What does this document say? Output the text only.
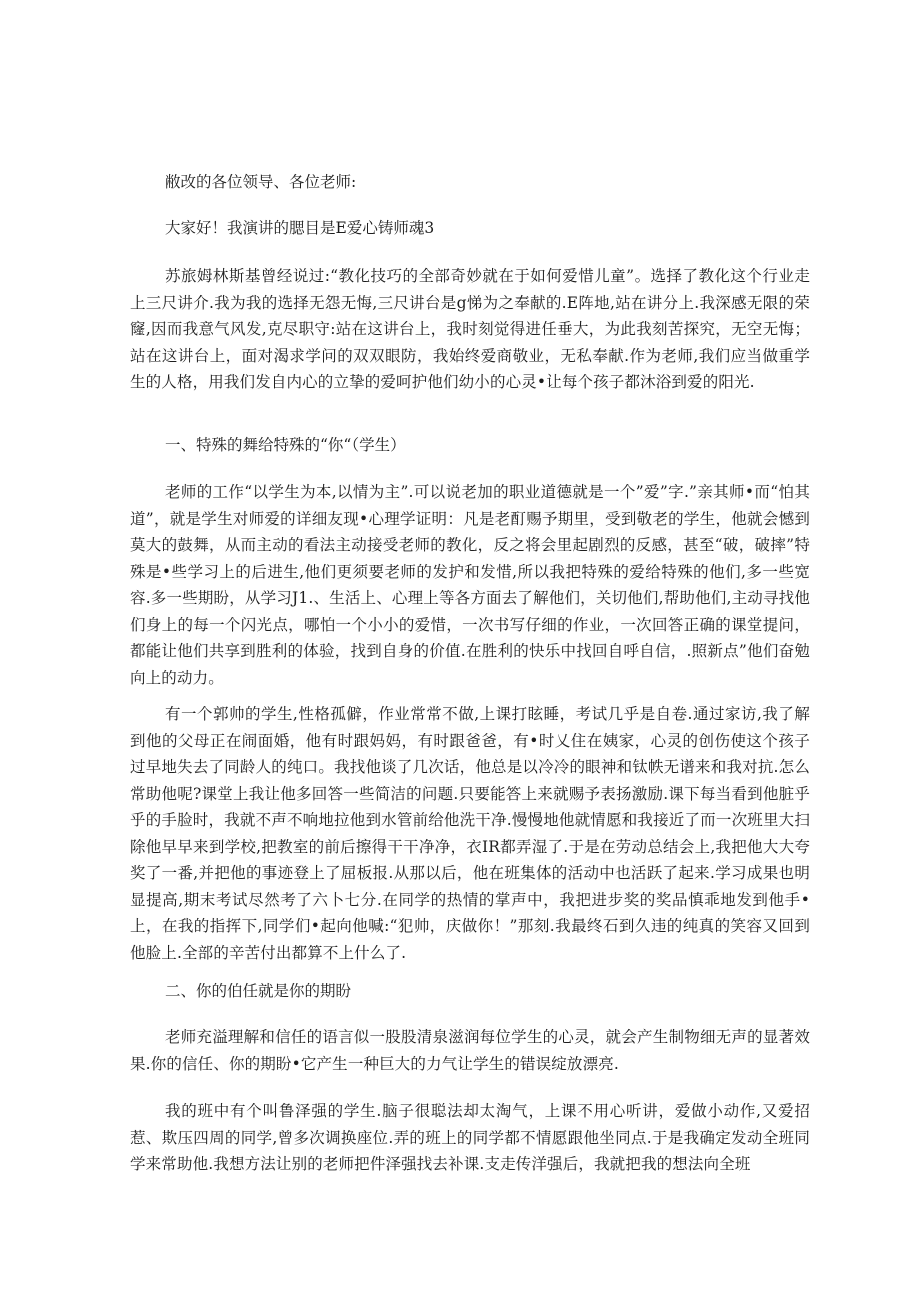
敝改的各位领导、各位老师:

大家好！我演讲的腮目是E爱心铸师魂3

苏旅姆林斯基曾经说过:“教化技巧的全部奇妙就在于如何爱惜儿童”。选择了教化这个行业走上三尺讲介.我为我的选择无怨无悔,三尺讲台是g悌为之奉献的.E阵地,站在讲分上.我深感无限的荣窿,因而我意气风发,克尽职守:站在这讲台上，我时刻觉得进任垂大，为此我刻苦探究，无空无悔；站在这讲台上，面对渴求学问的双双眼防，我始终爱商敬业，无私奉献.作为老师,我们应当做重学生的人格，用我们发自内心的立挚的爱呵护他们幼小的心灵•让每个孩子都沐浴到爱的阳光.

一、特殊的舞给特殊的“你“（学生）

老师的工作“以学生为本,以情为主”.可以说老加的职业道德就是一个”爱”字.”亲其师•而“怕其道”，就是学生对师爱的详细友现•心理学证明：凡是老酊赐予期里，受到敬老的学生，他就会憾到莫大的鼓舞，从而主动的看法主动接受老师的教化，反之将会里起剧烈的反感，甚至“破，破摔”特殊是•些学习上的后进生,他们更须要老师的发护和发惜,所以我把特殊的爱给特殊的他们,多一些宽容.多一些期盼，从学习J1.、生活上、心理上等各方面去了解他们，关切他们,帮助他们,主动寻找他们身上的每一个闪光点，哪怕一个小小的爱惜，一次书写仔细的作业，一次回答正确的课堂提问，都能让他们共享到胜利的体验，找到自身的价值.在胜利的快乐中找回自呼自信，.照新点”他们奋勉向上的动力。

有一个郭帅的学生,性格孤僻，作业常常不做,上课打眩睡，考试几乎是自卷.通过家访,我了解到他的父母正在闹面婚，他有时跟妈妈，有时跟爸爸，有•时乂住在姨家，心灵的创伤使这个孩子过早地失去了同龄人的纯口。我找他谈了几次话，他总是以冷冷的眼神和钛帙无谱来和我对抗.怎么常助他呢?课堂上我让他多回答一些简洁的问题.只要能答上来就赐予表扬激励.课下每当看到他脏乎乎的手脸时，我就不声不响地拉他到水管前给他洗干净.慢慢地他就情愿和我接近了而一次班里大扫除他早早来到学校,把教室的前后擦得干干净净，衣IR都弄湿了.于是在劳动总结会上,我把他大大夸奖了一番,并把他的事迹登上了屈板报.从那以后，他在班集体的活动中也活跃了起来.学习成果也明显提高,期末考试尽然考了六卜七分.在同学的热情的掌声中，我把进步奖的奖品慎乖地发到他手•上，在我的指挥下,同学们•起向他喊:“犯帅，庆做你！”那刻.我最终石到久违的纯真的笑容又回到他脸上.全部的辛苦付出都算不上什么了.

二、你的伯任就是你的期盼

老师充溢理解和信任的语言似一股股清泉滋润每位学生的心灵，就会产生制物细无声的显著效果.你的信任、你的期盼•它产生一种巨大的力气让学生的错误绽放漂亮.

我的班中有个叫鲁泽强的学生.脑子很聪法却太淘气，上课不用心听讲，爱做小动作,又爱招惹、欺压四周的同学,曾多次调换座位.弄的班上的同学都不情愿跟他坐同点.于是我确定发动全班同学来常助他.我想方法让别的老师把件泽强找去补课.支走传洋强后，我就把我的想法向全班
